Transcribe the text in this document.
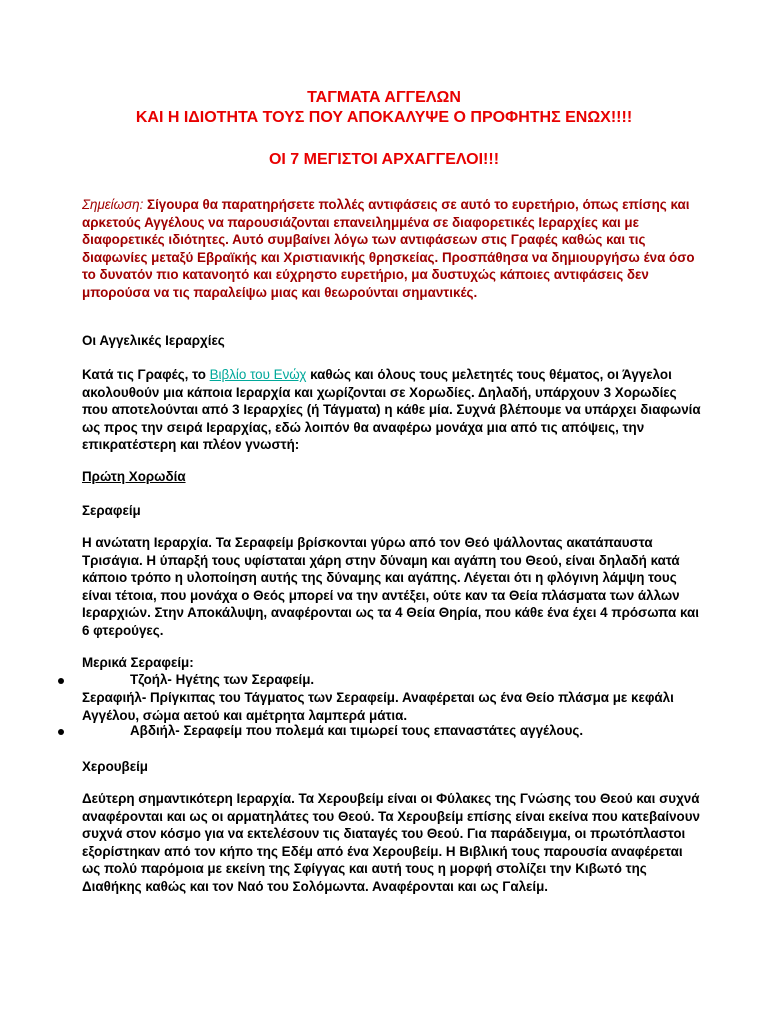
ΤΑΓΜΑΤΑ ΑΓΓΕΛΩΝ
ΚΑΙ Η ΙΔΙΟΤΗΤΑ ΤΟΥΣ ΠΟΥ ΑΠΟΚΑΛΥΨΕ Ο ΠΡΟΦΗΤΗΣ ΕΝΩΧ!!!!
ΟΙ 7 ΜΕΓΙΣΤΟΙ ΑΡΧΑΓΓΕΛΟΙ!!!

Σημείωση: Σίγουρα θα παρατηρήσετε πολλές αντιφάσεις σε αυτό το ευρετήριο, όπως επίσης και αρκετούς Αγγέλους να παρουσιάζονται επανειλημμένα σε διαφορετικές Ιεραρχίες και με διαφορετικές ιδιότητες. Αυτό συμβαίνει λόγω των αντιφάσεων στις Γραφές καθώς και τις διαφωνίες μεταξύ Εβραϊκής και Χριστιανικής θρησκείας. Προσπάθησα να δημιουργήσω ένα όσο το δυνατόν πιο κατανοητό και εύχρηστο ευρετήριο, μα δυστυχώς κάποιες αντιφάσεις δεν μπορούσα να τις παραλείψω μιας και θεωρούνται σημαντικές.

Οι Αγγελικές Ιεραρχίες

Κατά τις Γραφές, το Βιβλίο του Ενώχ καθώς και όλους τους μελετητές τους θέματος, οι Άγγελοι ακολουθούν μια κάποια Ιεραρχία και χωρίζονται σε Χορωδίες. Δηλαδή, υπάρχουν 3 Χορωδίες που αποτελούνται από 3 Ιεραρχίες (ή Τάγματα) η κάθε μία. Συχνά βλέπουμε να υπάρχει διαφωνία ως προς την σειρά Ιεραρχίας, εδώ λοιπόν θα αναφέρω μονάχα μια από τις απόψεις, την επικρατέστερη και πλέον γνωστή:

Πρώτη Χορωδία

Σεραφείμ

Η ανώτατη Ιεραρχία. Τα Σεραφείμ βρίσκονται γύρω από τον Θεό ψάλλοντας ακατάπαυστα Τρισάγια. Η ύπαρξή τους υφίσταται χάρη στην δύναμη και αγάπη του Θεού, είναι δηλαδή κατά κάποιο τρόπο η υλοποίηση αυτής της δύναμης και αγάπης. Λέγεται ότι η φλόγινη λάμψη τους είναι τέτοια, που μονάχα ο Θεός μπορεί να την αντέξει, ούτε καν τα Θεία πλάσματα των άλλων Ιεραρχιών. Στην Αποκάλυψη, αναφέρονται ως τα 4 Θεία Θηρία, που κάθε ένα έχει 4 πρόσωπα και 6 φτερούγες.

Μερικά Σεραφείμ:

Τζοήλ- Ηγέτης των Σεραφείμ.

Σεραφιήλ- Πρίγκιπας του Τάγματος των Σεραφείμ. Αναφέρεται ως ένα Θείο πλάσμα με κεφάλι Αγγέλου, σώμα αετού και αμέτρητα λαμπερά μάτια.

Αβδιήλ- Σεραφείμ που πολεμά και τιμωρεί τους επαναστάτες αγγέλους.

Χερουβείμ

Δεύτερη σημαντικότερη Ιεραρχία. Τα Χερουβείμ είναι οι Φύλακες της Γνώσης του Θεού και συχνά αναφέρονται και ως οι αρματηλάτες του Θεού. Τα Χερουβείμ επίσης είναι εκείνα που κατεβαίνουν συχνά στον κόσμο για να εκτελέσουν τις διαταγές του Θεού. Για παράδειγμα, οι πρωτόπλαστοι εξορίστηκαν από τον κήπο της Εδέμ από ένα Χερουβείμ. Η Βιβλική τους παρουσία αναφέρεται ως πολύ παρόμοια με εκείνη της Σφίγγας και αυτή τους η μορφή στολίζει την Κιβωτό της Διαθήκης καθώς και τον Ναό του Σολόμωντα. Αναφέρονται και ως Γαλείμ.
